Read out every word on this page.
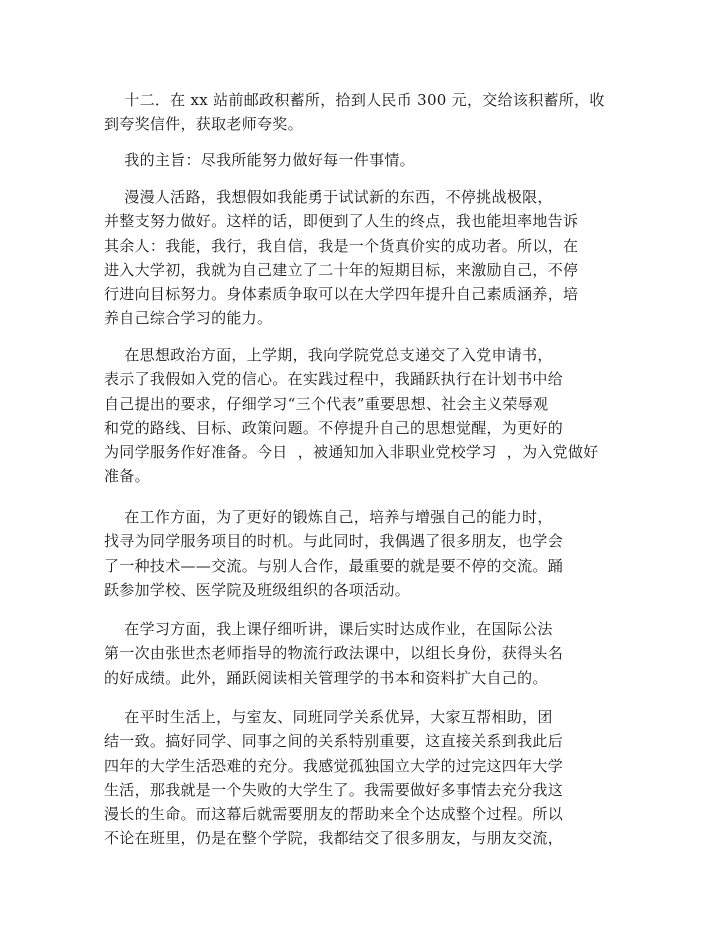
十二．在 xx 站前邮政积蓄所，拾到人民币 300 元，交给该积蓄所，收
到夸奖信件，获取老师夸奖。
我的主旨：尽我所能努力做好每一件事情。
漫漫人活路，我想假如我能勇于试试新的东西，不停挑战极限，
并整支努力做好。这样的话，即便到了人生的终点，我也能坦率地告诉
其余人：我能，我行，我自信，我是一个货真价实的成功者。所以，在
进入大学初，我就为自己建立了二十年的短期目标，来激励自己，不停
行进向目标努力。身体素质争取可以在大学四年提升自己素质涵养，培
养自己综合学习的能力。
在思想政治方面，上学期，我向学院党总支递交了入党申请书，
表示了我假如入党的信心。在实践过程中，我踊跃执行在计划书中给
自己提出的要求，仔细学习“三个代表”重要思想、社会主义荣辱观
和党的路线、目标、政策问题。不停提升自己的思想觉醒，为更好的
为同学服务作好准备。今日  ，被通知加入非职业党校学习  ，为入党做好
准备。
在工作方面，为了更好的锻炼自己，培养与增强自己的能力时，
找寻为同学服务项目的时机。与此同时，我偶遇了很多朋友，也学会
了一种技术——交流。与别人合作，最重要的就是要不停的交流。踊
跃参加学校、医学院及班级组织的各项活动。
在学习方面，我上课仔细听讲，课后实时达成作业，在国际公法
第一次由张世杰老师指导的物流行政法课中，以组长身份，获得头名
的好成绩。此外，踊跃阅读相关管理学的书本和资料扩大自己的。
在平时生活上，与室友、同班同学关系优异，大家互帮相助，团
结一致。搞好同学、同事之间的关系特别重要，这直接关系到我此后
四年的大学生活恐难的充分。我感觉孤独国立大学的过完这四年大学
生活，那我就是一个失败的大学生了。我需要做好多事情去充分我这
漫长的生命。而这幕后就需要朋友的帮助来全个达成整个过程。所以
不论在班里，仍是在整个学院，我都结交了很多朋友，与朋友交流，
